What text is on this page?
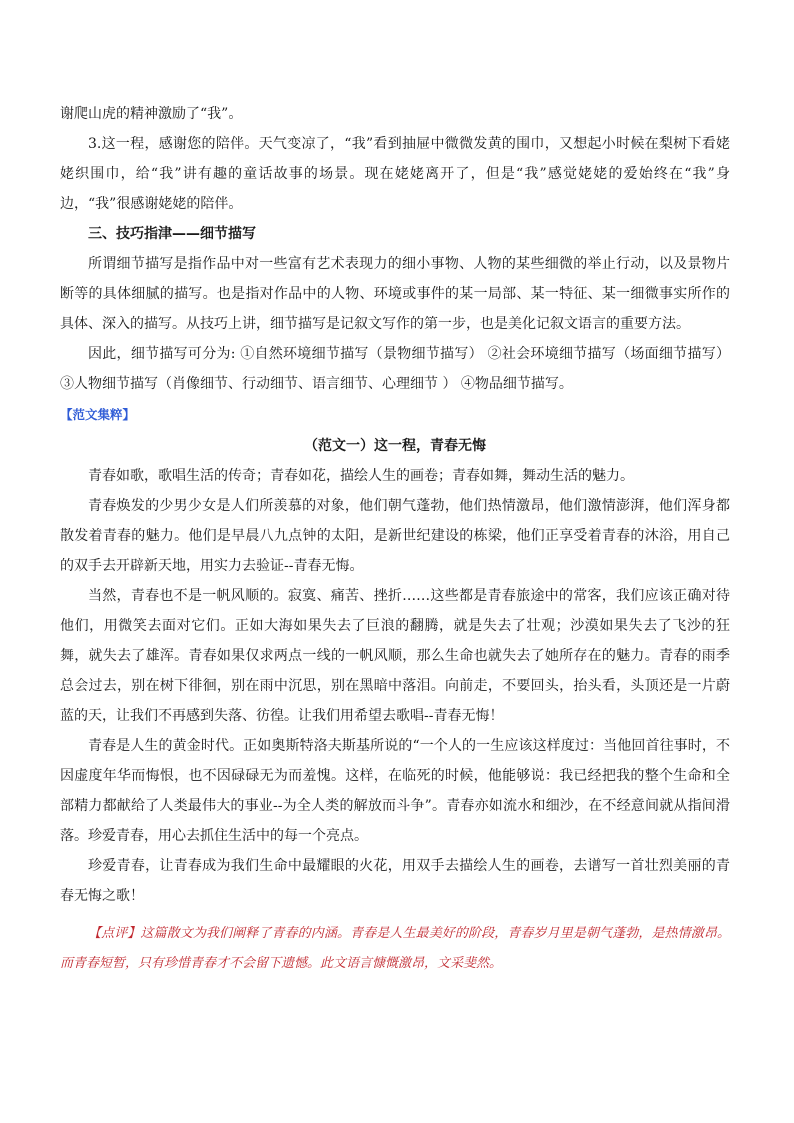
谢爬山虎的精神激励了“我”。

3.这一程，感谢您的陪伴。天气变凉了，“我”看到抽屉中微微发黄的围巾，又想起小时候在梨树下看姥姥织围巾，给“我”讲有趣的童话故事的场景。现在姥姥离开了，但是“我”感觉姥姥的爱始终在“我”身边，“我”很感谢姥姥的陪伴。

三、技巧指津——细节描写

所谓细节描写是指作品中对一些富有艺术表现力的细小事物、人物的某些细微的举止行动，以及景物片断等的具体细腻的描写。也是指对作品中的人物、环境或事件的某一局部、某一特征、某一细微事实所作的具体、深入的描写。从技巧上讲，细节描写是记叙文写作的第一步，也是美化记叙文语言的重要方法。

因此，细节描写可分为: ①自然环境细节描写（景物细节描写） ②社会环境细节描写（场面细节描写）③人物细节描写（肖像细节、行动细节、语言细节、心理细节 ） ④物品细节描写。

【范文集粹】

（范文一）这一程，青春无悔

青春如歌，歌唱生活的传奇；青春如花，描绘人生的画卷；青春如舞，舞动生活的魅力。

青春焕发的少男少女是人们所羡慕的对象，他们朝气蓬勃，他们热情激昂，他们激情澎湃，他们浑身都散发着青春的魅力。他们是早晨八九点钟的太阳，是新世纪建设的栋梁，他们正享受着青春的沐浴，用自己的双手去开辟新天地，用实力去验证--青春无悔。

当然，青春也不是一帆风顺的。寂寞、痛苦、挫折……这些都是青春旅途中的常客，我们应该正确对待他们，用微笑去面对它们。正如大海如果失去了巨浪的翻腾，就是失去了壮观；沙漠如果失去了飞沙的狂舞，就失去了雄浑。青春如果仅求两点一线的一帆风顺，那么生命也就失去了她所存在的魅力。青春的雨季总会过去，别在树下徘徊，别在雨中沉思，别在黑暗中落泪。向前走，不要回头，抬头看，头顶还是一片蔚蓝的天，让我们不再感到失落、彷徨。让我们用希望去歌唱--青春无悔！

青春是人生的黄金时代。正如奥斯特洛夫斯基所说的“一个人的一生应该这样度过：当他回首往事时，不因虚度年华而悔恨，也不因碌碌无为而羞愧。这样，在临死的时候，他能够说：我已经把我的整个生命和全部精力都献给了人类最伟大的事业--为全人类的解放而斗争”。青春亦如流水和细沙，在不经意间就从指间滑落。珍爱青春，用心去抓住生活中的每一个亮点。

珍爱青春，让青春成为我们生命中最耀眼的火花，用双手去描绘人生的画卷，去谱写一首壮烈美丽的青春无悔之歌！

【点评】这篇散文为我们阐释了青春的内涵。青春是人生最美好的阶段，青春岁月里是朝气蓬勃，是热情激昂。而青春短暂，只有珍惜青春才不会留下遗憾。此文语言慷慨激昂，文采斐然。
